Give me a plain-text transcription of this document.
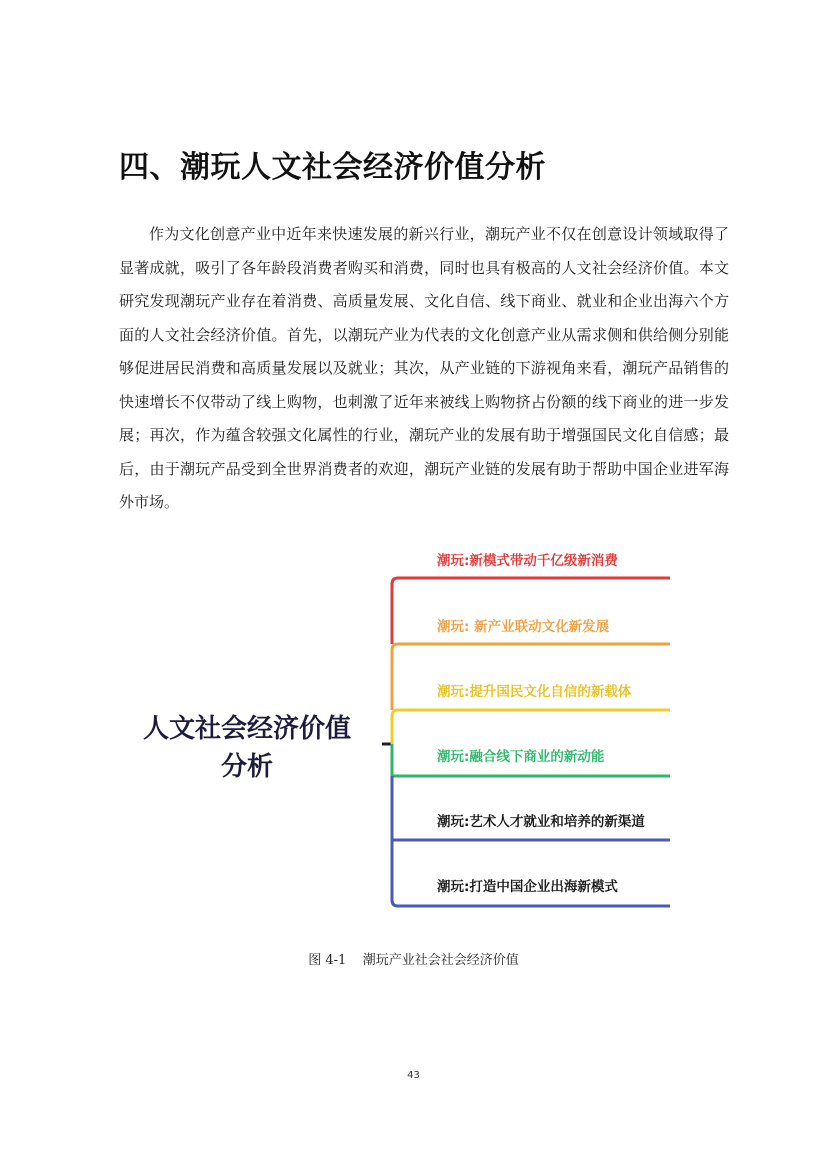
四、潮玩人文社会经济价值分析

作为文化创意产业中近年来快速发展的新兴行业，潮玩产业不仅在创意设计领域取得了显著成就，吸引了各年龄段消费者购买和消费，同时也具有极高的人文社会经济价值。本文研究发现潮玩产业存在着消费、高质量发展、文化自信、线下商业、就业和企业出海六个方面的人文社会经济价值。首先，以潮玩产业为代表的文化创意产业从需求侧和供给侧分别能够促进居民消费和高质量发展以及就业；其次，从产业链的下游视角来看，潮玩产品销售的快速增长不仅带动了线上购物，也刺激了近年来被线上购物挤占份额的线下商业的进一步发展；再次，作为蕴含较强文化属性的行业，潮玩产业的发展有助于增强国民文化自信感；最后，由于潮玩产品受到全世界消费者的欢迎，潮玩产业链的发展有助于帮助中国企业进军海外市场。

人文社会经济价值
分析
潮玩:新模式带动千亿级新消费
潮玩: 新产业联动文化新发展
潮玩:提升国民文化自信的新载体
潮玩:融合线下商业的新动能
潮玩:艺术人才就业和培养的新渠道
潮玩:打造中国企业出海新模式
图 4-1    潮玩产业社会社会经济价值
43
